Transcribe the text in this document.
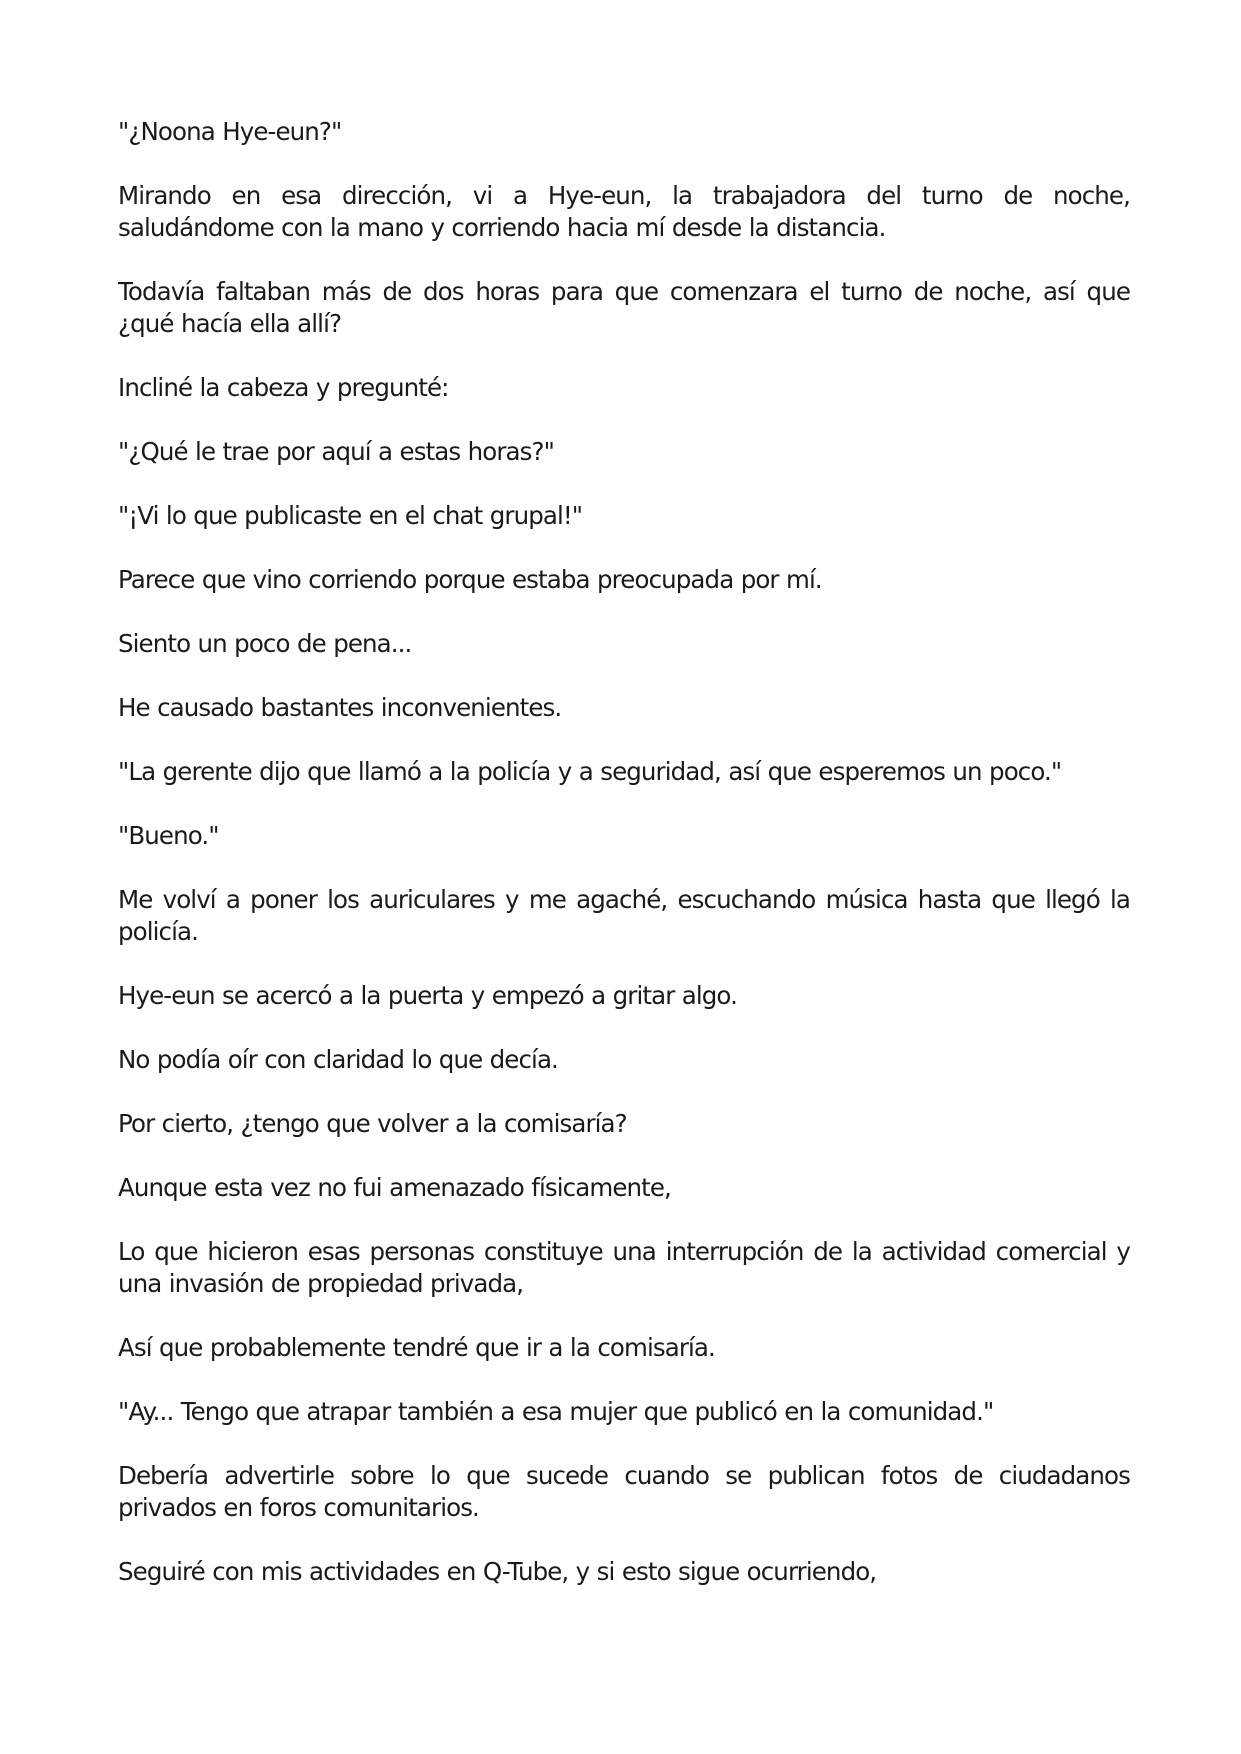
"¿Noona Hye-eun?"

Mirando en esa dirección, vi a Hye-eun, la trabajadora del turno de noche, saludándome con la mano y corriendo hacia mí desde la distancia.

Todavía faltaban más de dos horas para que comenzara el turno de noche, así que ¿qué hacía ella allí?

Incliné la cabeza y pregunté:

"¿Qué le trae por aquí a estas horas?"

"¡Vi lo que publicaste en el chat grupal!"

Parece que vino corriendo porque estaba preocupada por mí.

Siento un poco de pena...

He causado bastantes inconvenientes.

"La gerente dijo que llamó a la policía y a seguridad, así que esperemos un poco."

"Bueno."

Me volví a poner los auriculares y me agaché, escuchando música hasta que llegó la policía.

Hye-eun se acercó a la puerta y empezó a gritar algo.

No podía oír con claridad lo que decía.

Por cierto, ¿tengo que volver a la comisaría?

Aunque esta vez no fui amenazado físicamente,

Lo que hicieron esas personas constituye una interrupción de la actividad comercial y una invasión de propiedad privada,

Así que probablemente tendré que ir a la comisaría.

"Ay... Tengo que atrapar también a esa mujer que publicó en la comunidad."

Debería advertirle sobre lo que sucede cuando se publican fotos de ciudadanos privados en foros comunitarios.

Seguiré con mis actividades en Q-Tube, y si esto sigue ocurriendo,
